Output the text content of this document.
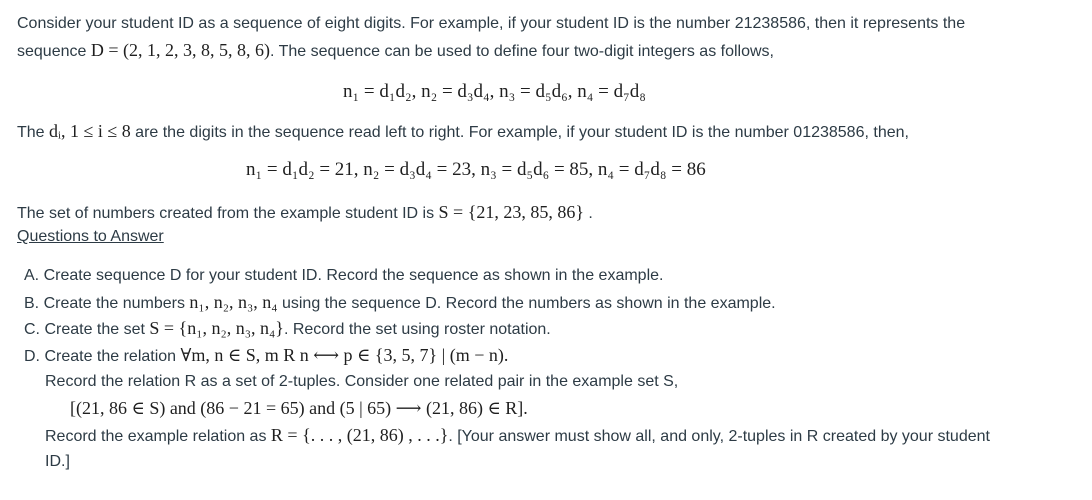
Consider your student ID as a sequence of eight digits. For example, if your student ID is the number 21238586, then it represents the
sequence D = (2, 1, 2, 3, 8, 5, 8, 6). The sequence can be used to define four two-digit integers as follows,
n₁ = d₁d₂, n₂ = d₃d₄, n₃ = d₅d₆, n₄ = d₇d₈
The dᵢ, 1 ≤ i ≤ 8 are the digits in the sequence read left to right. For example, if your student ID is the number 01238586, then,
n₁ = d₁d₂ = 21, n₂ = d₃d₄ = 23, n₃ = d₅d₆ = 85, n₄ = d₇d₈ = 86
The set of numbers created from the example student ID is S = {21, 23, 85, 86} .
Questions to Answer
A. Create sequence D for your student ID. Record the sequence as shown in the example.
B. Create the numbers n₁, n₂, n₃, n₄ using the sequence D. Record the numbers as shown in the example.
C. Create the set S = {n₁, n₂, n₃, n₄}. Record the set using roster notation.
D. Create the relation ∀m, n ∈ S, m R n ⟷ p ∈ {3, 5, 7} | (m − n).
Record the relation R as a set of 2-tuples. Consider one related pair in the example set S,
[(21, 86 ∈ S) and (86 − 21 = 65) and (5 | 65) ⟶ (21, 86) ∈ R].
Record the example relation as R = {. . . , (21, 86) , . . .}. [Your answer must show all, and only, 2-tuples in R created by your student
ID.]
